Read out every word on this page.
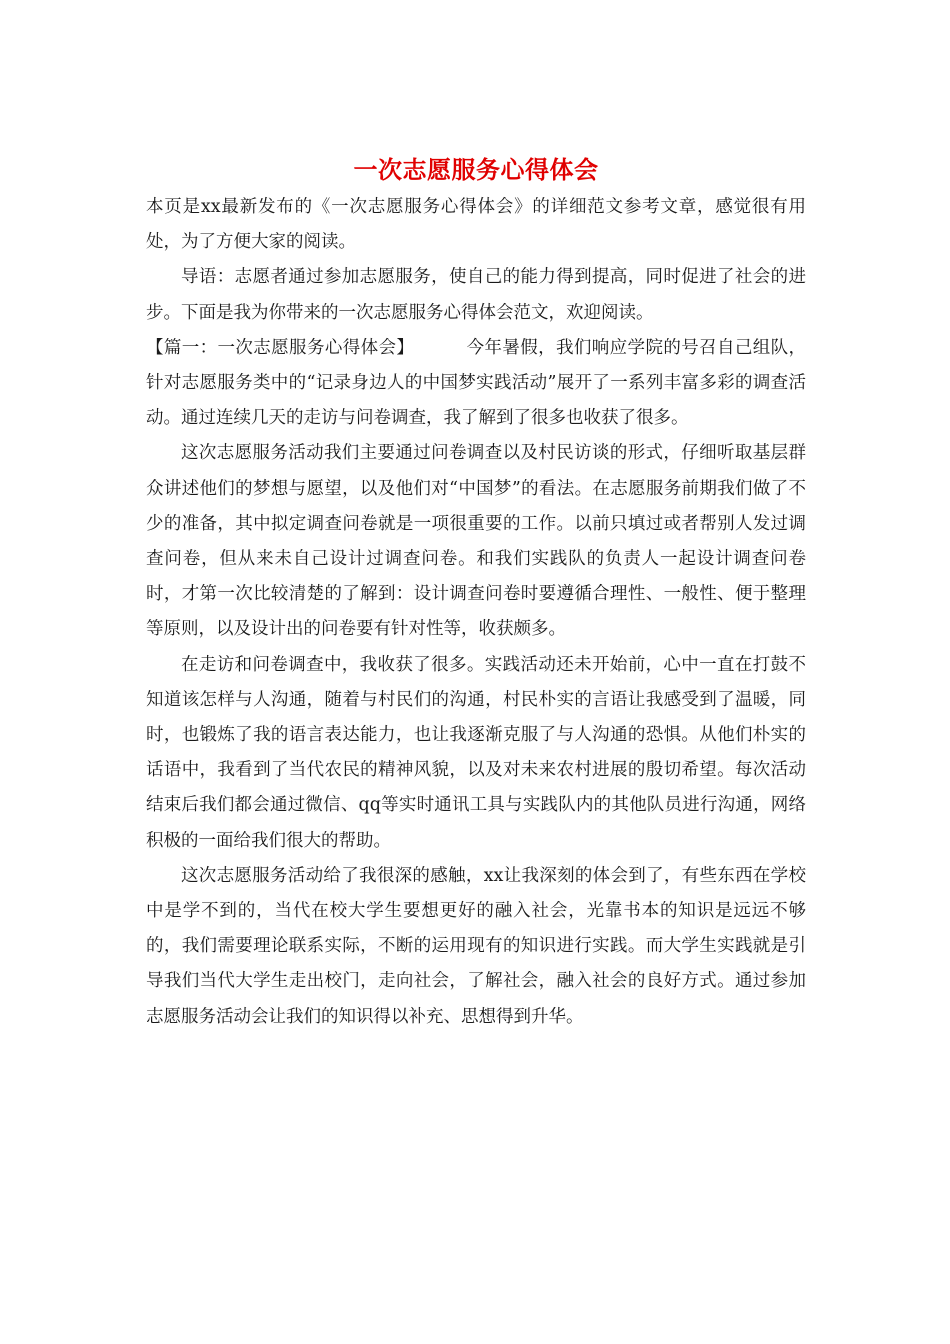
一次志愿服务心得体会

本页是xx最新发布的《一次志愿服务心得体会》的详细范文参考文章，感觉很有用处，为了方便大家的阅读。

导语：志愿者通过参加志愿服务，使自己的能力得到提高，同时促进了社会的进步。下面是我为你带来的一次志愿服务心得体会范文，欢迎阅读。

【篇一：一次志愿服务心得体会】	今年暑假，我们响应学院的号召自己组队，针对志愿服务类中的“记录身边人的中国梦实践活动”展开了一系列丰富多彩的调查活动。通过连续几天的走访与问卷调查，我了解到了很多也收获了很多。

这次志愿服务活动我们主要通过问卷调查以及村民访谈的形式，仔细听取基层群众讲述他们的梦想与愿望，以及他们对“中国梦”的看法。在志愿服务前期我们做了不少的准备，其中拟定调查问卷就是一项很重要的工作。以前只填过或者帮别人发过调查问卷，但从来未自己设计过调查问卷。和我们实践队的负责人一起设计调查问卷时，才第一次比较清楚的了解到：设计调查问卷时要遵循合理性、一般性、便于整理等原则，以及设计出的问卷要有针对性等，收获颇多。

在走访和问卷调查中，我收获了很多。实践活动还未开始前，心中一直在打鼓不知道该怎样与人沟通，随着与村民们的沟通，村民朴实的言语让我感受到了温暖，同时，也锻炼了我的语言表达能力，也让我逐渐克服了与人沟通的恐惧。从他们朴实的话语中，我看到了当代农民的精神风貌，以及对未来农村进展的殷切希望。每次活动结束后我们都会通过微信、qq等实时通讯工具与实践队内的其他队员进行沟通，网络积极的一面给我们很大的帮助。

这次志愿服务活动给了我很深的感触，xx让我深刻的体会到了，有些东西在学校中是学不到的，当代在校大学生要想更好的融入社会，光靠书本的知识是远远不够的，我们需要理论联系实际，不断的运用现有的知识进行实践。而大学生实践就是引导我们当代大学生走出校门，走向社会，了解社会，融入社会的良好方式。通过参加志愿服务活动会让我们的知识得以补充、思想得到升华。
